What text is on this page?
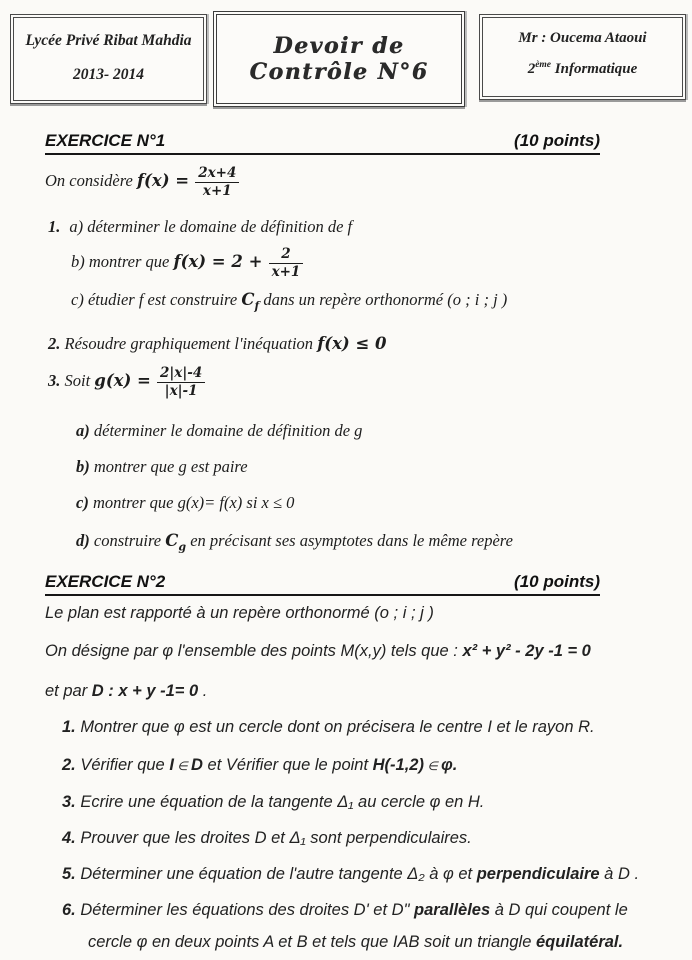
Lycée Privé Ribat Mahdia
2013- 2014
Devoir de Contrôle N°6
Mr : Oucema Ataoui
2ème Informatique
EXERCICE N°1	(10 points)
On considère $f(x) = \frac{2x+4}{x+1}$
1. a) déterminer le domaine de définition de f
b) montrer que $f(x) = 2 + \frac{2}{x+1}$
c) étudier f est construire $C_f$ dans un repère orthonormé (o ; i ; j )
2. Résoudre graphiquement l'inéquation f(x) ≤ 0
3. Soit $g(x) = \frac{2|x|-4}{|x|-1}$
a) déterminer le domaine de définition de g
b) montrer que g est paire
c) montrer que g(x)= f(x) si x ≤ 0
d) construire $C_g$ en précisant ses asymptotes dans le même repère
EXERCICE N°2	(10 points)
Le plan est rapporté à un repère orthonormé (o ; i ; j )
On désigne par φ l'ensemble des points M(x,y) tels que : x² + y² - 2y -1 = 0
et par D : x + y -1= 0 .
1. Montrer que φ est un cercle dont on précisera le centre I et le rayon R.
2. Vérifier que I ∈ D et Vérifier que le point H(-1,2) ∈ φ.
3. Ecrire une équation de la tangente Δ₁ au cercle φ en H.
4. Prouver que les droites D et Δ₁ sont perpendiculaires.
5. Déterminer une équation de l'autre tangente Δ₂ à φ et perpendiculaire à D .
6. Déterminer les équations des droites D' et D" parallèles à D qui coupent le
cercle φ en deux points A et B et tels que IAB soit un triangle équilatéral.
